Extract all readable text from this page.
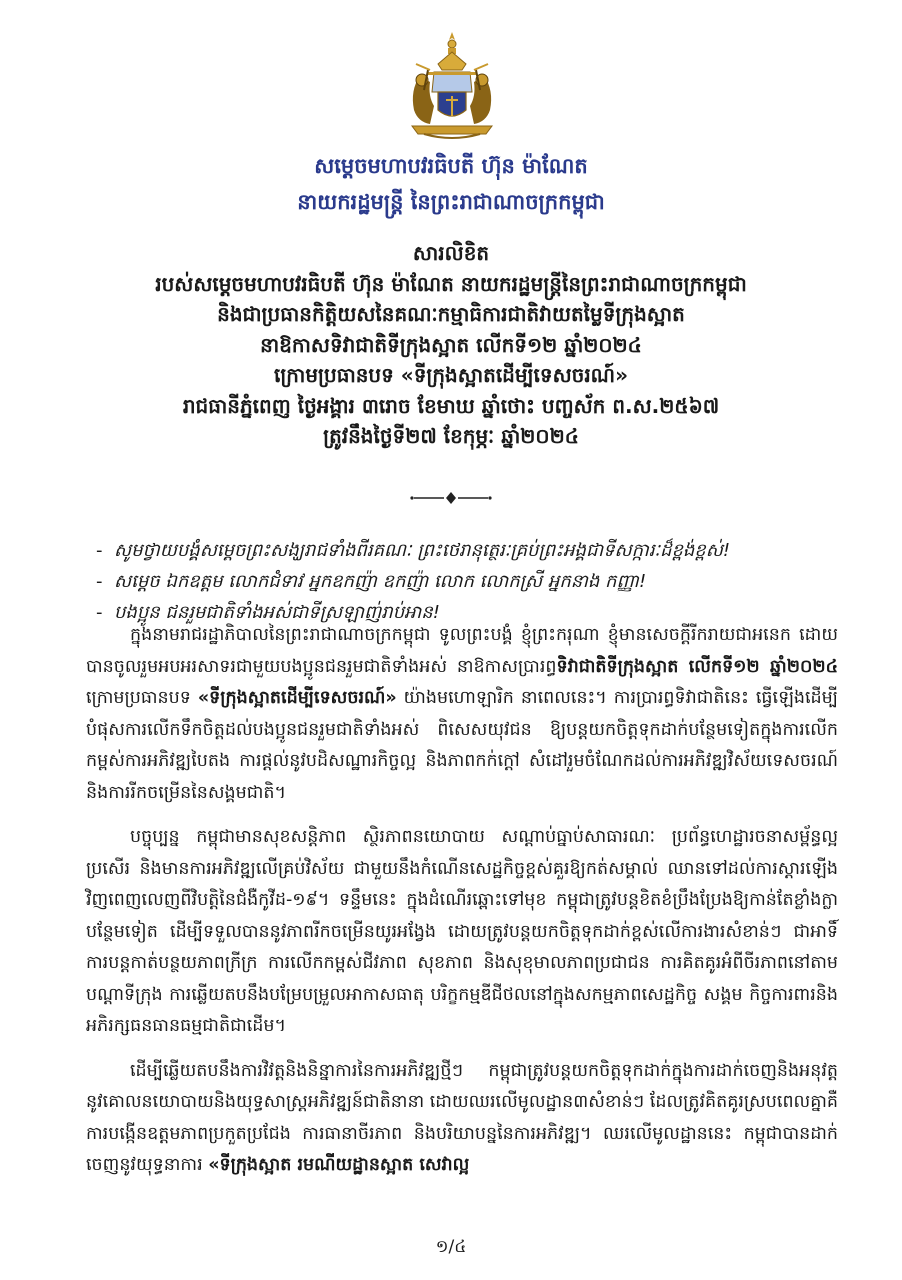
សម្ដេចមហាបវរធិបតី ហ៊ុន ម៉ាណែត
នាយករដ្ឋមន្ត្រី នៃព្រះរាជាណាចក្រកម្ពុជា
សារលិខិត
របស់សម្ដេចមហាបវរធិបតី ហ៊ុន ម៉ាណែត នាយករដ្ឋមន្ត្រីនៃព្រះរាជាណាចក្រកម្ពុជា
និងជាប្រធានកិត្តិយសនៃគណៈកម្មាធិការជាតិវាយតម្លៃទីក្រុងស្អាត
នាឱកាសទិវាជាតិទីក្រុងស្អាត លើកទី១២ ឆ្នាំ២០២៤
ក្រោមប្រធានបទ «ទីក្រុងស្អាតដើម្បីទេសចរណ៍»
រាជធានីភ្នំពេញ ថ្ងៃអង្គារ ៣រោច ខែមាឃ ឆ្នាំថោះ បញ្ចស័ក ព.ស.២៥៦៧
ត្រូវនឹងថ្ងៃទី២៧ ខែកុម្ភៈ ឆ្នាំ២០២៤
- សូមថ្វាយបង្គំសម្ដេចព្រះសង្ឃរាជទាំងពីរគណៈ ព្រះថេរានុត្ថេរៈគ្រប់ព្រះអង្គជាទីសក្ការៈដ៏ខ្ពង់ខ្ពស់!
- សម្ដេច ឯកឧត្ដម លោកជំទាវ អ្នកឧកញ៉ា ឧកញ៉ា លោក លោកស្រី អ្នកនាង កញ្ញា!
- បងប្អូន ជនរួមជាតិទាំងអស់ជាទីស្រឡាញ់រាប់អាន!

ក្នុងនាមរាជរដ្ឋាភិបាលនៃព្រះរាជាណាចក្រកម្ពុជា ទូលព្រះបង្គំ ខ្ញុំព្រះករុណា ខ្ញុំមានសេចក្ដីរីករាយជាអនេក ដោយបានចូលរួមអបអរសាទរជាមួយបងប្អូនជនរួមជាតិទាំងអស់ នាឱកាសប្រារព្ធទិវាជាតិទីក្រុងស្អាត លើកទី១២ ឆ្នាំ២០២៤ ក្រោមប្រធានបទ «ទីក្រុងស្អាតដើម្បីទេសចរណ៍» យ៉ាងមហោឡារិក នាពេលនេះ។ ការប្រារព្ធទិវាជាតិនេះ ធ្វើឡើងដើម្បីបំផុសការលើកទឹកចិត្តដល់បងប្អូនជនរួមជាតិទាំងអស់ ពិសេសយុវជន ឱ្យបន្តយកចិត្តទុកដាក់បន្ថែមទៀតក្នុងការលើកកម្ពស់ការអភិវឌ្ឍបៃតង ការផ្ដល់នូវបដិសណ្ឋារកិច្ចល្អ និងភាពកក់ក្ដៅ សំដៅរួមចំណែកដល់ការអភិវឌ្ឍវិស័យទេសចរណ៍និងការរីកចម្រើននៃសង្គមជាតិ។

បច្ចុប្បន្ន កម្ពុជាមានសុខសន្តិភាព ស្ថិរភាពនយោបាយ សណ្ដាប់ធ្នាប់សាធារណៈ ប្រព័ន្ធហេដ្ឋារចនាសម្ព័ន្ធល្អប្រសើរ និងមានការអភិវឌ្ឍលើគ្រប់វិស័យ ជាមួយនឹងកំណើនសេដ្ឋកិច្ចខ្ពស់គួរឱ្យកត់សម្គាល់ ឈានទៅដល់ការស្ដារឡើងវិញពេញលេញពីវិបត្តិនៃជំងឺកូវីដ-១៩។ ទន្ទឹមនេះ ក្នុងដំណើរឆ្ពោះទៅមុខ កម្ពុជាត្រូវបន្តខិតខំប្រឹងប្រែងឱ្យកាន់តែខ្លាំងក្លាបន្ថែមទៀត ដើម្បីទទួលបាននូវភាពរីកចម្រើនយូរអង្វែង ដោយត្រូវបន្តយកចិត្តទុកដាក់ខ្ពស់លើការងារសំខាន់ៗ ជាអាទិ៍ការបន្តកាត់បន្ថយភាពក្រីក្រ ការលើកកម្ពស់ជីវភាព សុខភាព និងសុខុមាលភាពប្រជាជន ការគិតគូរអំពីចីរភាពនៅតាមបណ្ដាទីក្រុង ការឆ្លើយតបនឹងបម្រែបម្រួលអាកាសធាតុ បរិក្ខកម្មឌីជីថលនៅក្នុងសកម្មភាពសេដ្ឋកិច្ច សង្គម កិច្ចការពារនិងអភិរក្សធនធានធម្មជាតិជាដើម។

ដើម្បីឆ្លើយតបនឹងការវិវត្តនិងនិន្នាការនៃការអភិវឌ្ឍថ្មីៗ កម្ពុជាត្រូវបន្តយកចិត្តទុកដាក់ក្នុងការដាក់ចេញនិងអនុវត្តនូវគោលនយោបាយនិងយុទ្ធសាស្ត្រអភិវឌ្ឍន៍ជាតិនានា ដោយឈរលើមូលដ្ឋាន៣សំខាន់ៗ ដែលត្រូវគិតគូរស្របពេលគ្នាគឺ ការបង្កើនឧត្តមភាពប្រកួតប្រជែង ការធានាចីរភាព និងបរិយាបន្ននៃការអភិវឌ្ឍ។ ឈរលើមូលដ្ឋាននេះ កម្ពុជាបានដាក់ចេញនូវយុទ្ធនាការ «ទីក្រុងស្អាត រមណីយដ្ឋានស្អាត សេវាល្អ

១/៤
